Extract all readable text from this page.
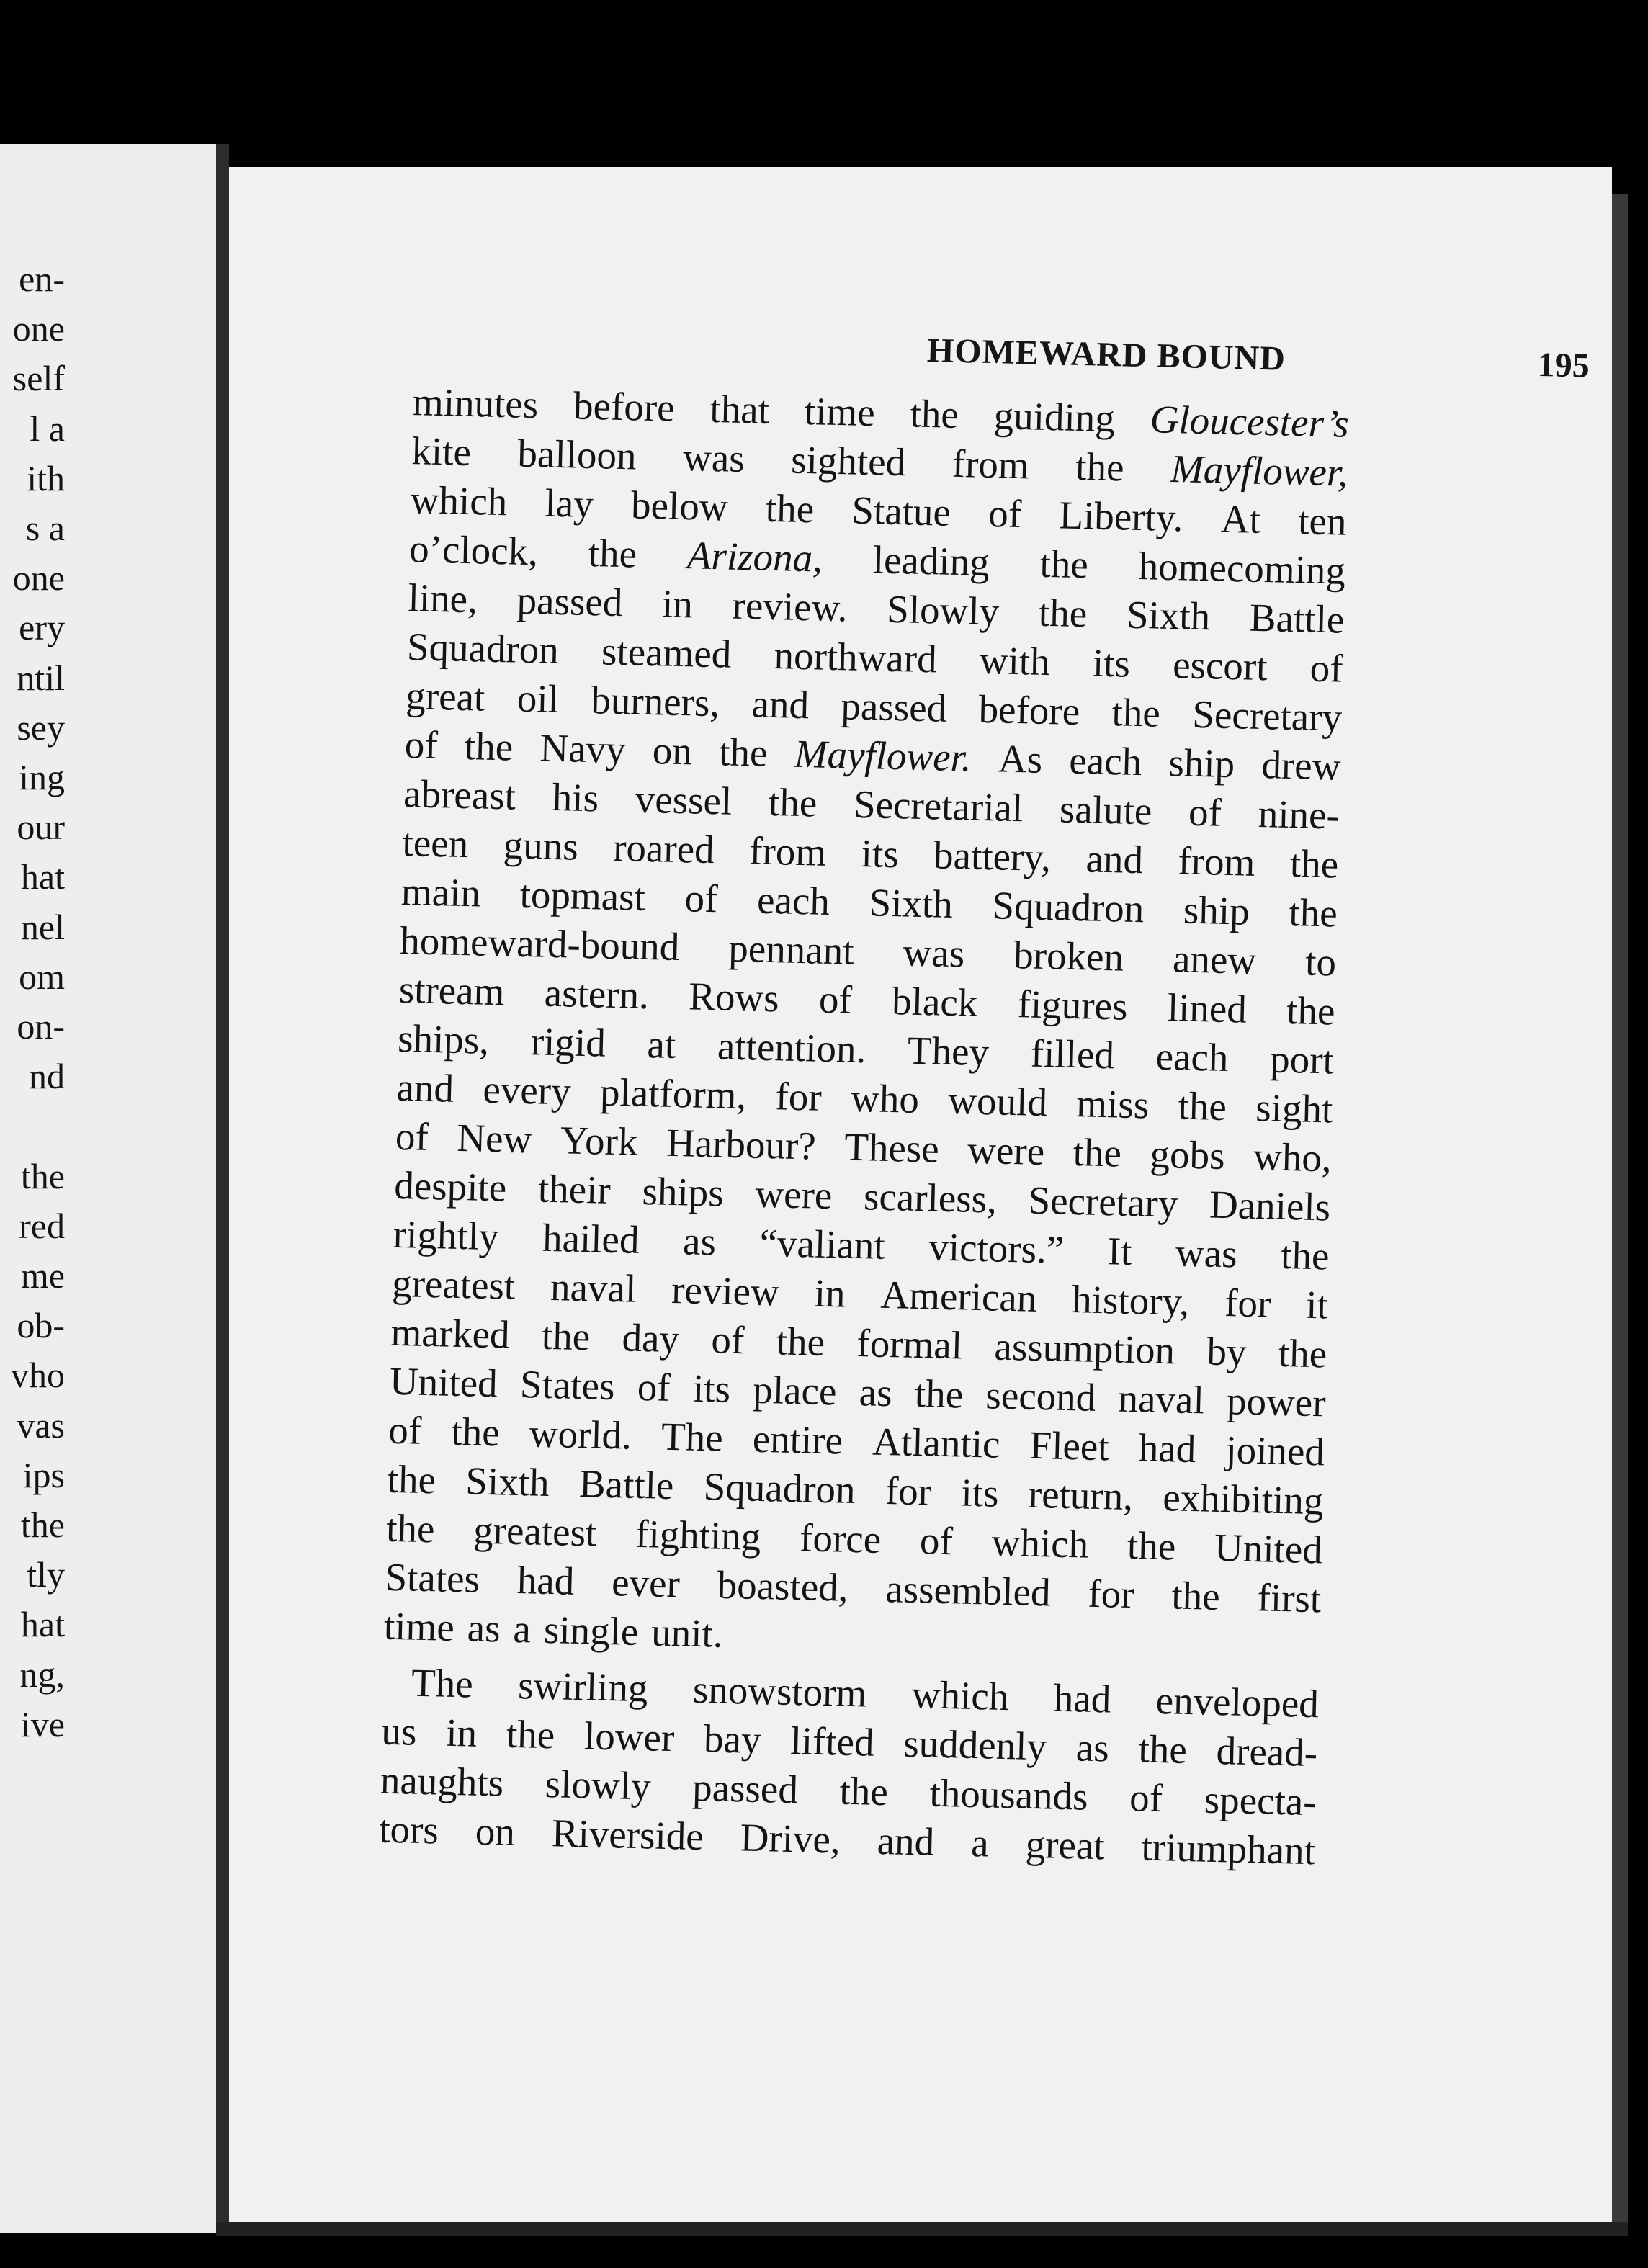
en-
one
self
l a
ith
s a
one
ery
ntil
sey
ing
our
hat
nel
om
on-
nd
the
red
me
ob-
vho
vas
ips
the
tly
hat
ng,
ive
HOMEWARD BOUND	195
minutes before that time the guiding Gloucester’s
kite balloon was sighted from the Mayflower,
which lay below the Statue of Liberty. At ten
o’clock, the Arizona, leading the homecoming
line, passed in review. Slowly the Sixth Battle
Squadron steamed northward with its escort of
great oil burners, and passed before the Secretary
of the Navy on the Mayflower. As each ship drew
abreast his vessel the Secretarial salute of nine-
teen guns roared from its battery, and from the
main topmast of each Sixth Squadron ship the
homeward-bound pennant was broken anew to
stream astern. Rows of black figures lined the
ships, rigid at attention. They filled each port
and every platform, for who would miss the sight
of New York Harbour? These were the gobs who,
despite their ships were scarless, Secretary Daniels
rightly hailed as “valiant victors.” It was the
greatest naval review in American history, for it
marked the day of the formal assumption by the
United States of its place as the second naval power
of the world. The entire Atlantic Fleet had joined
the Sixth Battle Squadron for its return, exhibiting
the greatest fighting force of which the United
States had ever boasted, assembled for the first
time as a single unit.
The swirling snowstorm which had enveloped
us in the lower bay lifted suddenly as the dread-
naughts slowly passed the thousands of specta-
tors on Riverside Drive, and a great triumphant
